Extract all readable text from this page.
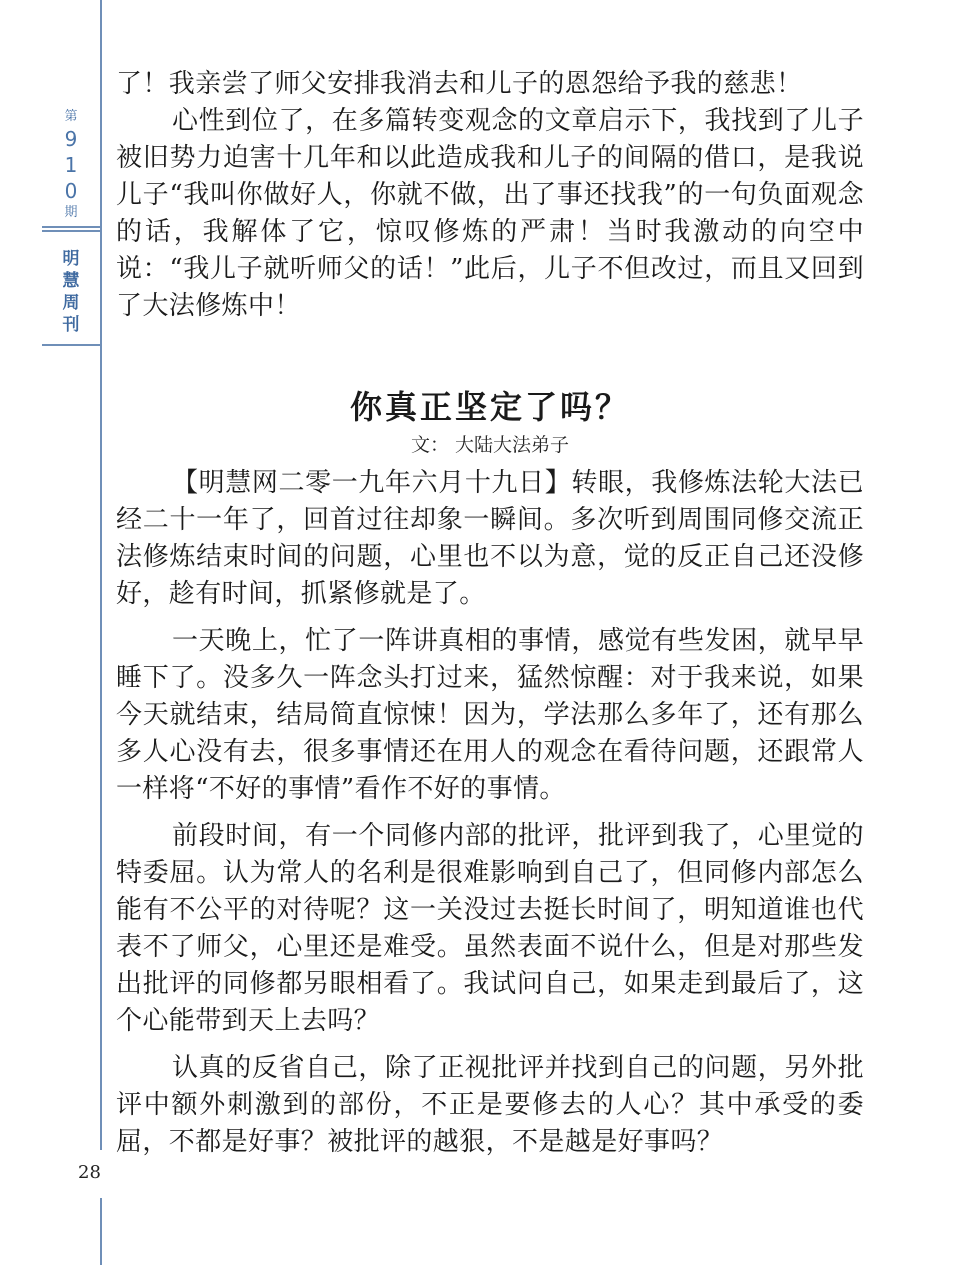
第
9
1
0
期
明
慧
周
刊

了！我亲尝了师父安排我消去和儿子的恩怨给予我的慈悲！

心性到位了，在多篇转变观念的文章启示下，我找到了儿子被旧势力迫害十几年和以此造成我和儿子的间隔的借口，是我说儿子“我叫你做好人，你就不做，出了事还找我”的一句负面观念的话，我解体了它，惊叹修炼的严肃！当时我激动的向空中说：“我儿子就听师父的话！”此后，儿子不但改过，而且又回到了大法修炼中！

你真正坚定了吗？
文： 大陆大法弟子

【明慧网二零一九年六月十九日】转眼，我修炼法轮大法已经二十一年了，回首过往却象一瞬间。多次听到周围同修交流正法修炼结束时间的问题，心里也不以为意，觉的反正自己还没修好，趁有时间，抓紧修就是了。

一天晚上，忙了一阵讲真相的事情，感觉有些发困，就早早睡下了。没多久一阵念头打过来，猛然惊醒：对于我来说，如果今天就结束，结局简直惊悚！因为，学法那么多年了，还有那么多人心没有去，很多事情还在用人的观念在看待问题，还跟常人一样将“不好的事情”看作不好的事情。

前段时间，有一个同修内部的批评，批评到我了，心里觉的特委屈。认为常人的名利是很难影响到自己了，但同修内部怎么能有不公平的对待呢？这一关没过去挺长时间了，明知道谁也代表不了师父，心里还是难受。虽然表面不说什么，但是对那些发出批评的同修都另眼相看了。我试问自己，如果走到最后了，这个心能带到天上去吗？

认真的反省自己，除了正视批评并找到自己的问题，另外批评中额外刺激到的部份，不正是要修去的人心？其中承受的委屈，不都是好事？被批评的越狠，不是越是好事吗？

28
